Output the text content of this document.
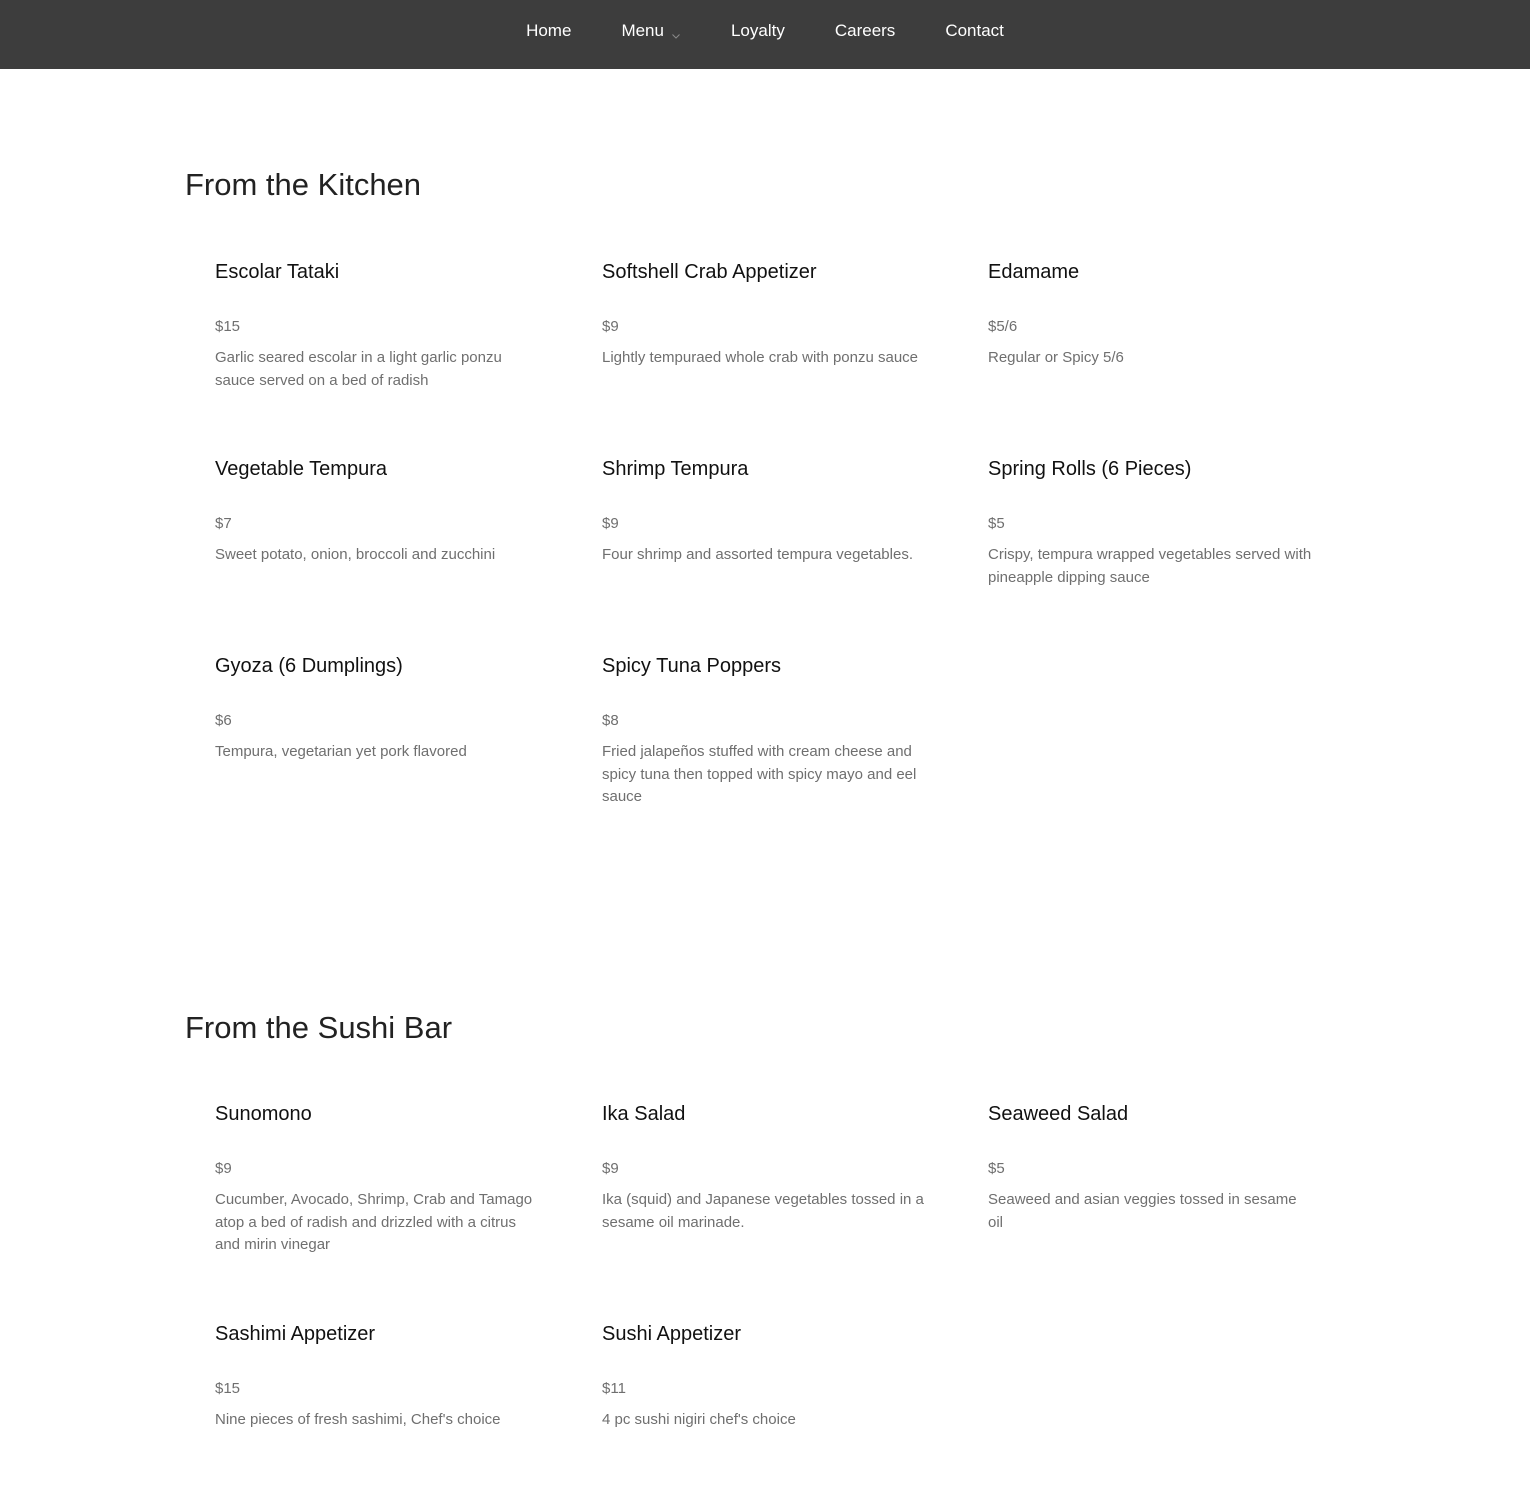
Home	Menu	Loyalty	Careers	Contact
From the Kitchen
Escolar Tataki
$15
Garlic seared escolar in a light garlic ponzu sauce served on a bed of radish
Softshell Crab Appetizer
$9
Lightly tempuraed whole crab with ponzu sauce
Edamame
$5/6
Regular or Spicy 5/6
Vegetable Tempura
$7
Sweet potato, onion, broccoli and zucchini
Shrimp Tempura
$9
Four shrimp and assorted tempura vegetables.
Spring Rolls (6 Pieces)
$5
Crispy, tempura wrapped vegetables served with pineapple dipping sauce
Gyoza (6 Dumplings)
$6
Tempura, vegetarian yet pork flavored
Spicy Tuna Poppers
$8
Fried jalapeños stuffed with cream cheese and spicy tuna then topped with spicy mayo and eel sauce
From the Sushi Bar
Sunomono
$9
Cucumber, Avocado, Shrimp, Crab and Tamago atop a bed of radish and drizzled with a citrus and mirin vinegar
Ika Salad
$9
Ika (squid) and Japanese vegetables tossed in a sesame oil marinade.
Seaweed Salad
$5
Seaweed and asian veggies tossed in sesame oil
Sashimi Appetizer
$15
Nine pieces of fresh sashimi, Chef's choice
Sushi Appetizer
$11
4 pc sushi nigiri chef's choice
